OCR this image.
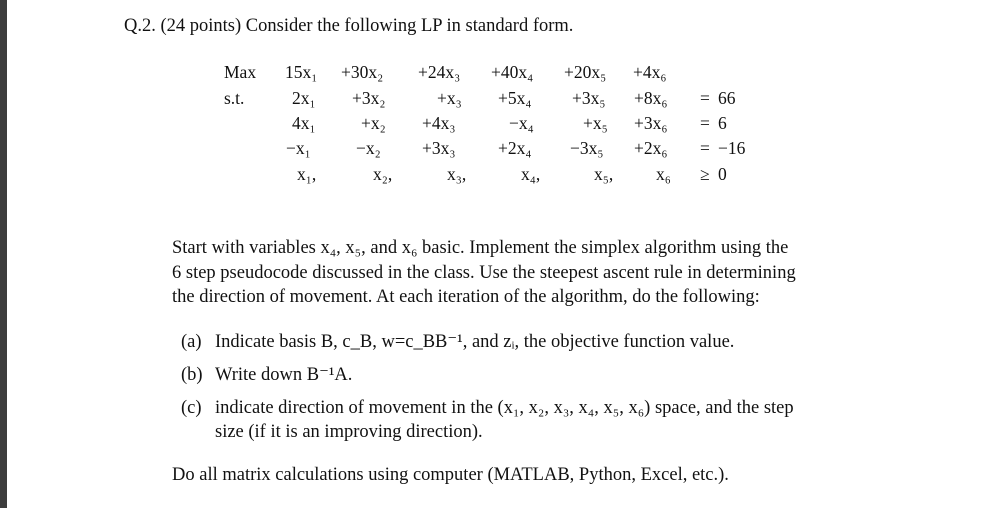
Q.2. (24 points) Consider the following LP in standard form.
Max 15x₁ +30x₂ +24x₃ +40x₄ +20x₅ +4x₆
s.t.	2x₁ +3x₂	+x₃ +5x₄ +3x₅ +8x₆ = 66
4x₁	+x₂ +4x₃	−x₄	+x₅ +3x₆ = 6
−x₁	−x₂ +3x₃ +2x₄ −3x₅ +2x₆ = −16
x₁,	x₂,	x₃,	x₄,	x₅, x₆ ≥ 0
Start with variables x₄, x₅, and x₆ basic. Implement the simplex algorithm using the
6 step pseudocode discussed in the class. Use the steepest ascent rule in determining
the direction of movement. At each iteration of the algorithm, do the following:
(a) Indicate basis B, c_B, w=c_BB⁻¹, and zᵢ, the objective function value.
(b) Write down B⁻¹A.
(c) indicate direction of movement in the (x₁, x₂, x₃, x₄, x₅, x₆) space, and the step
size (if it is an improving direction).
Do all matrix calculations using computer (MATLAB, Python, Excel, etc.).
